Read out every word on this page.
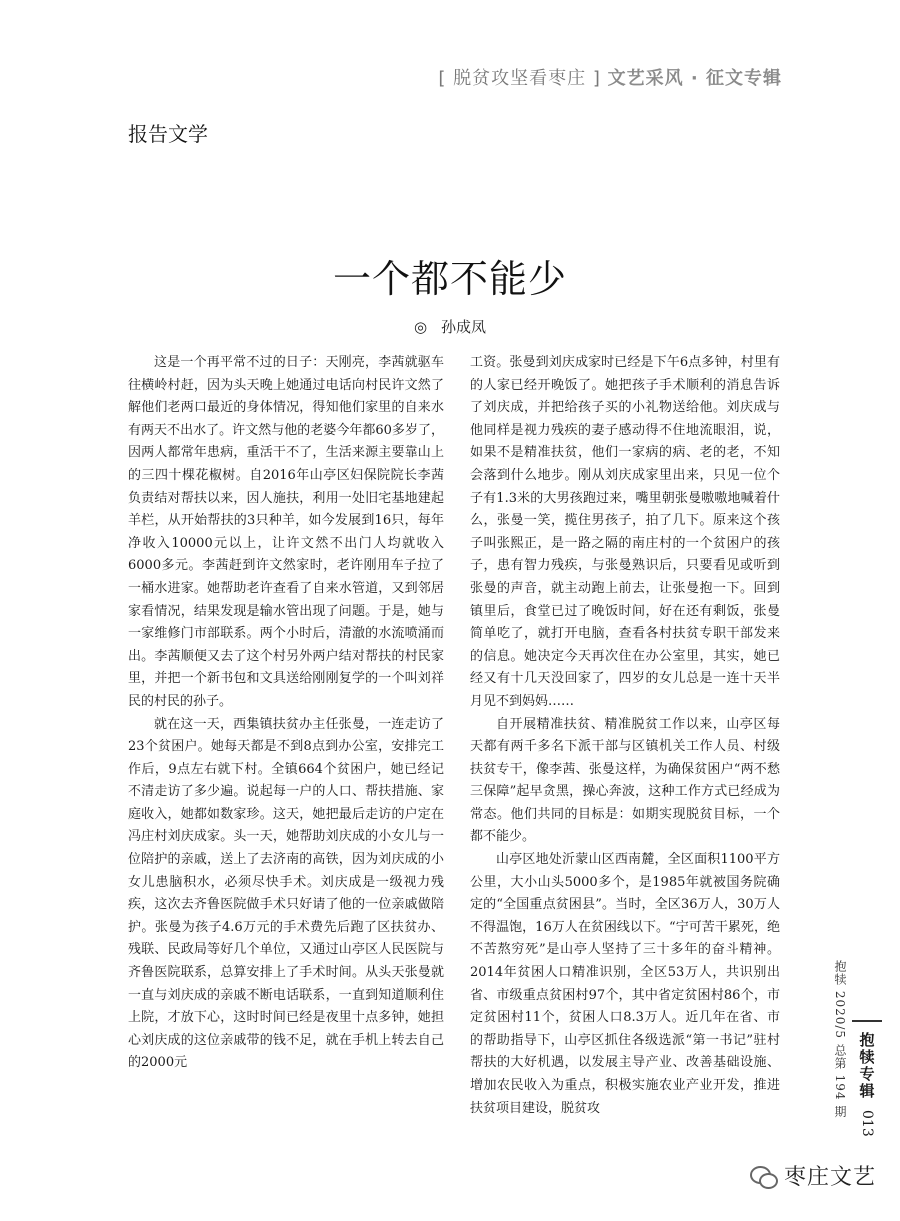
[ 脱贫攻坚看枣庄 ] 文艺采风 · 征文专辑
报告文学
一个都不能少
◎ 孙成凤

这是一个再平常不过的日子：天刚亮，李茜就驱车往横岭村赶，因为头天晚上她通过电话向村民许文然了解他们老两口最近的身体情况，得知他们家里的自来水有两天不出水了。许文然与他的老婆今年都60多岁了，因两人都常年患病，重活干不了，生活来源主要靠山上的三四十棵花椒树。自2016年山亭区妇保院院长李茜负责结对帮扶以来，因人施扶，利用一处旧宅基地建起羊栏，从开始帮扶的3只种羊，如今发展到16只，每年净收入10000元以上，让许文然不出门人均就收入6000多元。李茜赶到许文然家时，老许刚用车子拉了一桶水进家。她帮助老许查看了自来水管道，又到邻居家看情况，结果发现是输水管出现了问题。于是，她与一家维修门市部联系。两个小时后，清澈的水流喷涌而出。李茜顺便又去了这个村另外两户结对帮扶的村民家里，并把一个新书包和文具送给刚刚复学的一个叫刘祥民的村民的孙子。

就在这一天，西集镇扶贫办主任张曼，一连走访了23个贫困户。她每天都是不到8点到办公室，安排完工作后，9点左右就下村。全镇664个贫困户，她已经记不清走访了多少遍。说起每一户的人口、帮扶措施、家庭收入，她都如数家珍。这天，她把最后走访的户定在冯庄村刘庆成家。头一天，她帮助刘庆成的小女儿与一位陪护的亲戚，送上了去济南的高铁，因为刘庆成的小女儿患脑积水，必须尽快手术。刘庆成是一级视力残疾，这次去齐鲁医院做手术只好请了他的一位亲戚做陪护。张曼为孩子4.6万元的手术费先后跑了区扶贫办、残联、民政局等好几个单位，又通过山亭区人民医院与齐鲁医院联系，总算安排上了手术时间。从头天张曼就一直与刘庆成的亲戚不断电话联系，一直到知道顺利住上院，才放下心，这时时间已经是夜里十点多钟，她担心刘庆成的这位亲戚带的钱不足，就在手机上转去自己的2000元

工资。张曼到刘庆成家时已经是下午6点多钟，村里有的人家已经开晚饭了。她把孩子手术顺利的消息告诉了刘庆成，并把给孩子买的小礼物送给他。刘庆成与他同样是视力残疾的妻子感动得不住地流眼泪，说，如果不是精准扶贫，他们一家病的病、老的老，不知会落到什么地步。刚从刘庆成家里出来，只见一位个子有1.3米的大男孩跑过来，嘴里朝张曼嗷嗷地喊着什么，张曼一笑，揽住男孩子，拍了几下。原来这个孩子叫张熙正，是一路之隔的南庄村的一个贫困户的孩子，患有智力残疾，与张曼熟识后，只要看见或听到张曼的声音，就主动跑上前去，让张曼抱一下。回到镇里后，食堂已过了晚饭时间，好在还有剩饭，张曼简单吃了，就打开电脑，查看各村扶贫专职干部发来的信息。她决定今天再次住在办公室里，其实，她已经又有十几天没回家了，四岁的女儿总是一连十天半月见不到妈妈……

自开展精准扶贫、精准脱贫工作以来，山亭区每天都有两千多名下派干部与区镇机关工作人员、村级扶贫专干，像李茜、张曼这样，为确保贫困户“两不愁三保障”起早贪黑，操心奔波，这种工作方式已经成为常态。他们共同的目标是：如期实现脱贫目标，一个都不能少。

山亭区地处沂蒙山区西南麓，全区面积1100平方公里，大小山头5000多个，是1985年就被国务院确定的“全国重点贫困县”。当时，全区36万人，30万人不得温饱，16万人在贫困线以下。“宁可苦干累死，绝不苦熬穷死”是山亭人坚持了三十多年的奋斗精神。2014年贫困人口精准识别，全区53万人，共识别出省、市级重点贫困村97个，其中省定贫困村86个，市定贫困村11个，贫困人口8.3万人。近几年在省、市的帮助指导下，山亭区抓住各级选派“第一书记”驻村帮扶的大好机遇，以发展主导产业、改善基础设施、增加农民收入为重点，积极实施农业产业开发，推进扶贫项目建设，脱贫攻	抱犊 2020/5 总第 194 期 抱犊专辑
013
枣庄文艺
